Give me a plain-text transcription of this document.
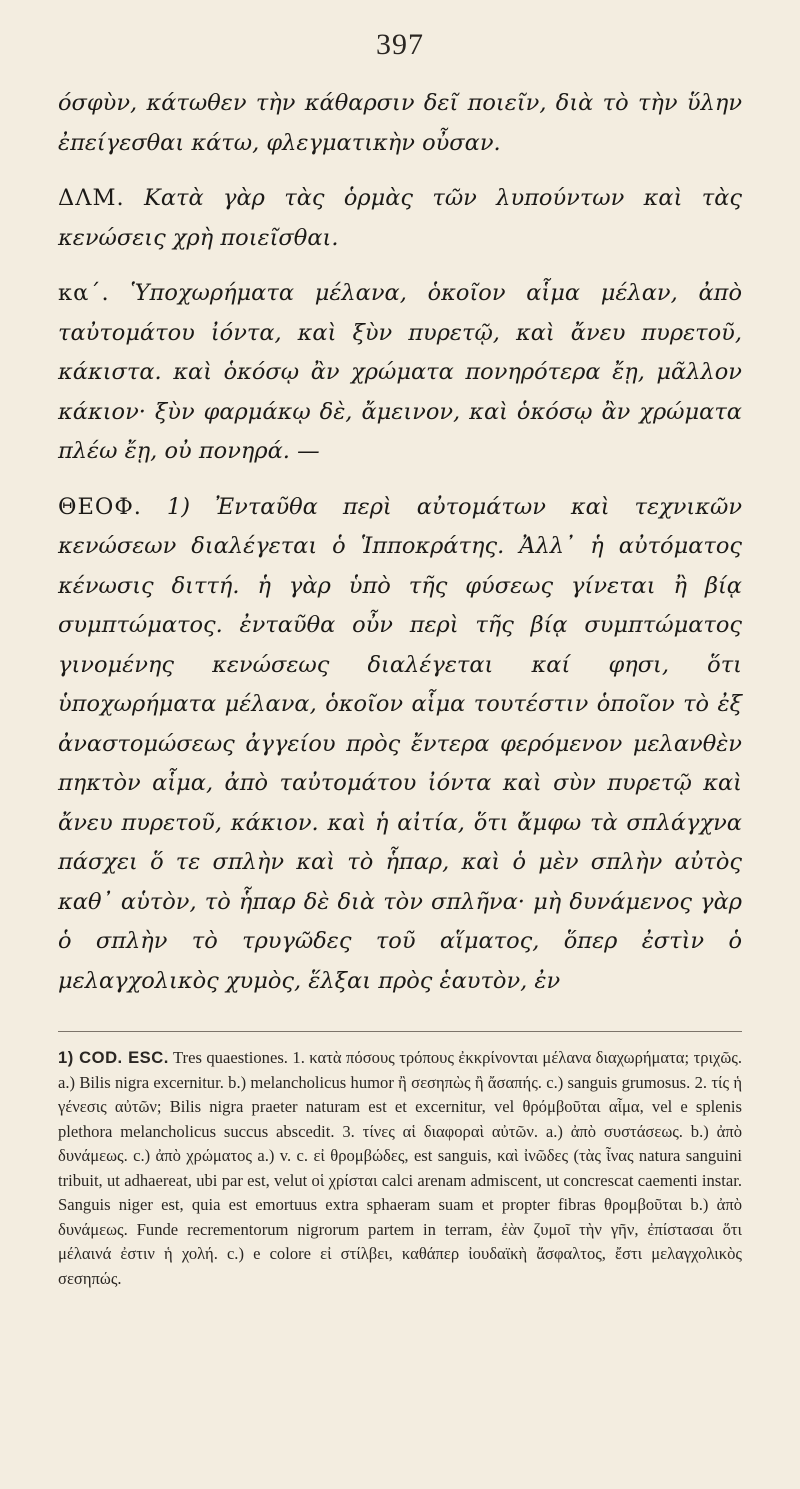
397

όσφὺν, κάτωθεν τὴν κάθαρσιν δεῖ ποιεῖν, διὰ τὸ τὴν ὕλην ἐπείγεσθαι κάτω, φλεγματικὴν οὖσαν.

ΔΛΜ. Κατὰ γὰρ τὰς ὁρμὰς τῶν λυπούντων καὶ τὰς κενώσεις χρὴ ποιεῖσθαι.

κα΄. Ὑποχωρήματα μέλανα, ὁκοῖον αἷμα μέλαν, ἀπὸ ταὐτομάτου ἰόντα, καὶ ξὺν πυρετῷ, καὶ ἄνευ πυρετοῦ, κάκιστα. καὶ ὁκόσῳ ἂν χρώματα πονηρότερα ἔῃ, μᾶλλον κάκιον· ξὺν φαρμάκῳ δὲ, ἄμεινον, καὶ ὁκόσῳ ἂν χρώματα πλέω ἔῃ, οὐ πονηρά. —

ΘΕΟΦ. 1) Ἐνταῦθα περὶ αὐτομάτων καὶ τεχνικῶν κενώσεων διαλέγεται ὁ Ἱπποκράτης. Ἀλλ᾽ ἡ αὐτόματος κένωσις διττή. ἡ γὰρ ὑπὸ τῆς φύσεως γίνεται ἢ βίᾳ συμπτώματος. ἐνταῦθα οὖν περὶ τῆς βίᾳ συμπτώματος γινομένης κενώσεως διαλέγεται καί φησι, ὅτι ὑποχωρήματα μέλανα, ὁκοῖον αἷμα τουτέστιν ὁποῖον τὸ ἐξ ἀναστομώσεως ἀγγείου πρὸς ἔντερα φερόμενον μελανθὲν πηκτὸν αἷμα, ἀπὸ ταὐτομάτου ἰόντα καὶ σὺν πυρετῷ καὶ ἄνευ πυρετοῦ, κάκιον. καὶ ἡ αἰτία, ὅτι ἄμφω τὰ σπλάγχνα πάσχει ὅ τε σπλὴν καὶ τὸ ἧπαρ, καὶ ὁ μὲν σπλὴν αὐτὸς καθ᾽ αὑτὸν, τὸ ἧπαρ δὲ διὰ τὸν σπλῆνα· μὴ δυνάμενος γὰρ ὁ σπλὴν τὸ τρυγῶδες τοῦ αἵματος, ὅπερ ἐστὶν ὁ μελαγχολικὸς χυμὸς, ἕλξαι πρὸς ἑαυτὸν, ἐν

1) COD. ESC. Tres quaestiones. 1. κατὰ πόσους τρόπους ἐκκρίνονται μέλανα διαχωρήματα; τριχῶς. a.) Bilis nigra excernitur. b.) melancholicus humor ἢ σεσηπὼς ἢ ἄσαπής. c.) sanguis grumosus. 2. τίς ἡ γένεσις αὐτῶν; Bilis nigra praeter naturam est et excernitur, vel θρόμβοῦται αἷμα, vel e splenis plethora melancholicus succus abscedit. 3. τίνες αἱ διαφοραὶ αὐτῶν. a.) ἀπὸ συστάσεως. b.) ἀπὸ δυνάμεως. c.) ἀπὸ χρώματος a.) v. c. εἰ θρομβώδες, est sanguis, καὶ ἰνῶδες (τὰς ἶνας natura sanguini tribuit, ut adhaereat, ubi par est, velut οἱ χρίσται calci arenam admiscent, ut concrescat caementi instar. Sanguis niger est, quia est emortuus extra sphaeram suam et propter fibras θρομβοῦται b.) ἀπὸ δυνάμεως. Funde recrementorum nigrorum partem in terram, ἐὰν ζυμοῖ τὴν γῆν, ἐπίστασαι ὅτι μέλαινά ἐστιν ἡ χολή. c.) e colore εἰ στίλβει, καθάπερ ἰουδαϊκὴ ἄσφαλτος, ἔστι μελαγχολικὸς σεσηπώς.
